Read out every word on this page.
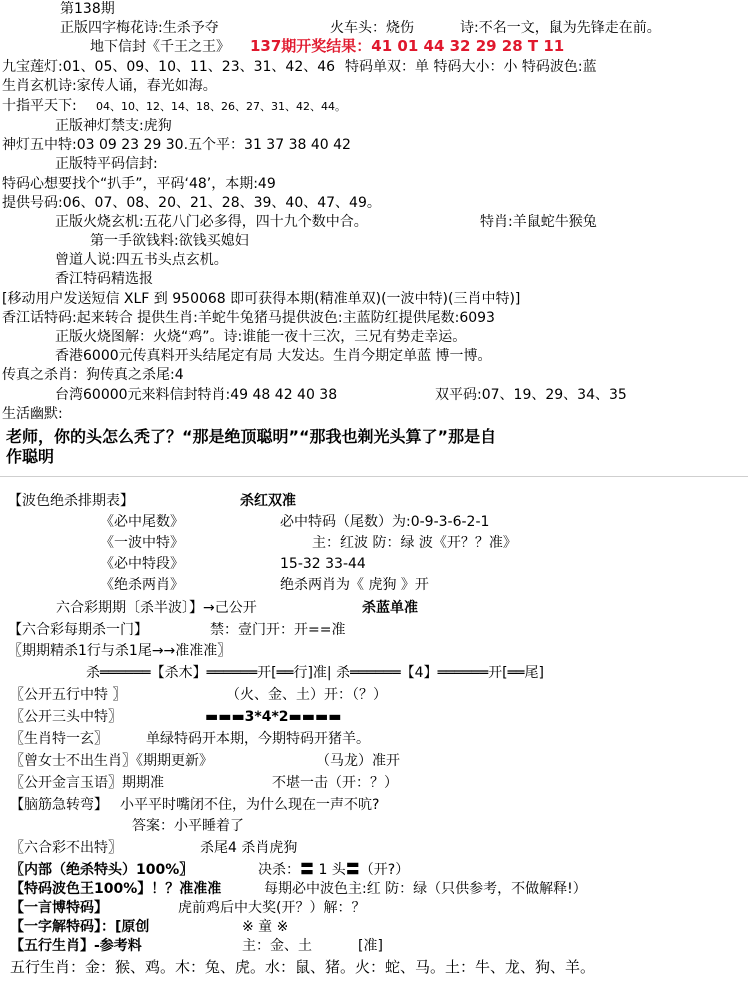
第138期
正版四字梅花诗:生杀予夺	火车头：烧伤	诗:不名一文，鼠为先锋走在前。
地下信封《千王之王》 137期开奖结果：41 01 44 32 29 28 T 11
九宝莲灯:01、05、09、10、11、23、31、42、46 特码单双：单 特码大小：小 特码波色:蓝
生肖玄机诗:家传人诵，春光如海。
十指平天下: 04、10、12、14、18、26、27、31、42、44。
正版神灯禁支:虎狗
神灯五中特:03 09 23 29 30.五个平：31 37 38 40 42
正版特平码信封:
特码心想要找个“扒手”，平码‘48’，本期:49
提供号码:06、07、08、20、21、28、39、40、47、49。
正版火烧玄机:五花八门必多得，四十九个数中合。	特肖:羊鼠蛇牛猴兔
第一手欲钱料:欲钱买媳妇
曾道人说:四五书头点玄机。
香江特码精选报
[移动用户发送短信 XLF 到 950068 即可获得本期(精准单双)(一波中特)(三肖中特)]
香江话特码:起来转合 提供生肖:羊蛇牛兔猪马提供波色:主蓝防红提供尾数:6093
正版火烧图解：火烧“鸡”。诗:谁能一夜十三次，三兄有势走幸运。
香港6000元传真料开头结尾定有局 大发达。生肖今期定单蓝 博一博。
传真之杀肖：狗传真之杀尾:4
台湾60000元来料信封特肖:49 48 42 40 38	双平码:07、19、29、34、35
生活幽默:
老师，你的头怎么秃了？“那是绝顶聪明”“那我也剃光头算了”那是自
作聪明
【波色绝杀排期表】	杀红双准
《必中尾数》	必中特码（尾数）为:0-9-3-6-2-1
《一波中特》	主：红波 防：绿 波《开？？准》
《必中特段》	15-32 33-44
《绝杀两肖》	绝杀两肖为《 虎狗 》开
六合彩期期〔杀半波〕】→己公开	杀蓝单准
【六合彩每期杀一门】	禁：壹门开：开==准
〖期期精杀1行与杀1尾→→准准准〗
杀══════【杀木】══════开[══行]准| 杀══════【4】══════开[══尾]
〖公开五行中特 〗	（火、金、土）开：（？）
〖公开三头中特〗	▬▬▬3*4*2▬▬▬▬
〖生肖特一玄〗	单绿特码开本期，今期特码开猪羊。
〖曾女士不出生肖〗《期期更新》	（马龙）准开
〖公开金言玉语〗期期准	不堪一击（开：？）
【脑筋急转弯】 小平平时嘴闭不住，为什么现在一声不吭?
答案：小平睡着了
〖六合彩不出特〗	杀尾4 杀肖虎狗
〖内部（绝杀特头）100%〗	决杀：〓 1 头〓（开?）
【特码波色王100%】！？准准准	每期必中波色主:红 防：绿（只供参考，不做解释!）
【一言博特码】	虎前鸡后中大奖(开？）解：？
【一字解特码】：[原创	※ 童 ※
【五行生肖】-参考料	主：金、土	[准]
五行生肖：金：猴、鸡。木：兔、虎。水：鼠、猪。火：蛇、马。土：牛、龙、狗、羊。
